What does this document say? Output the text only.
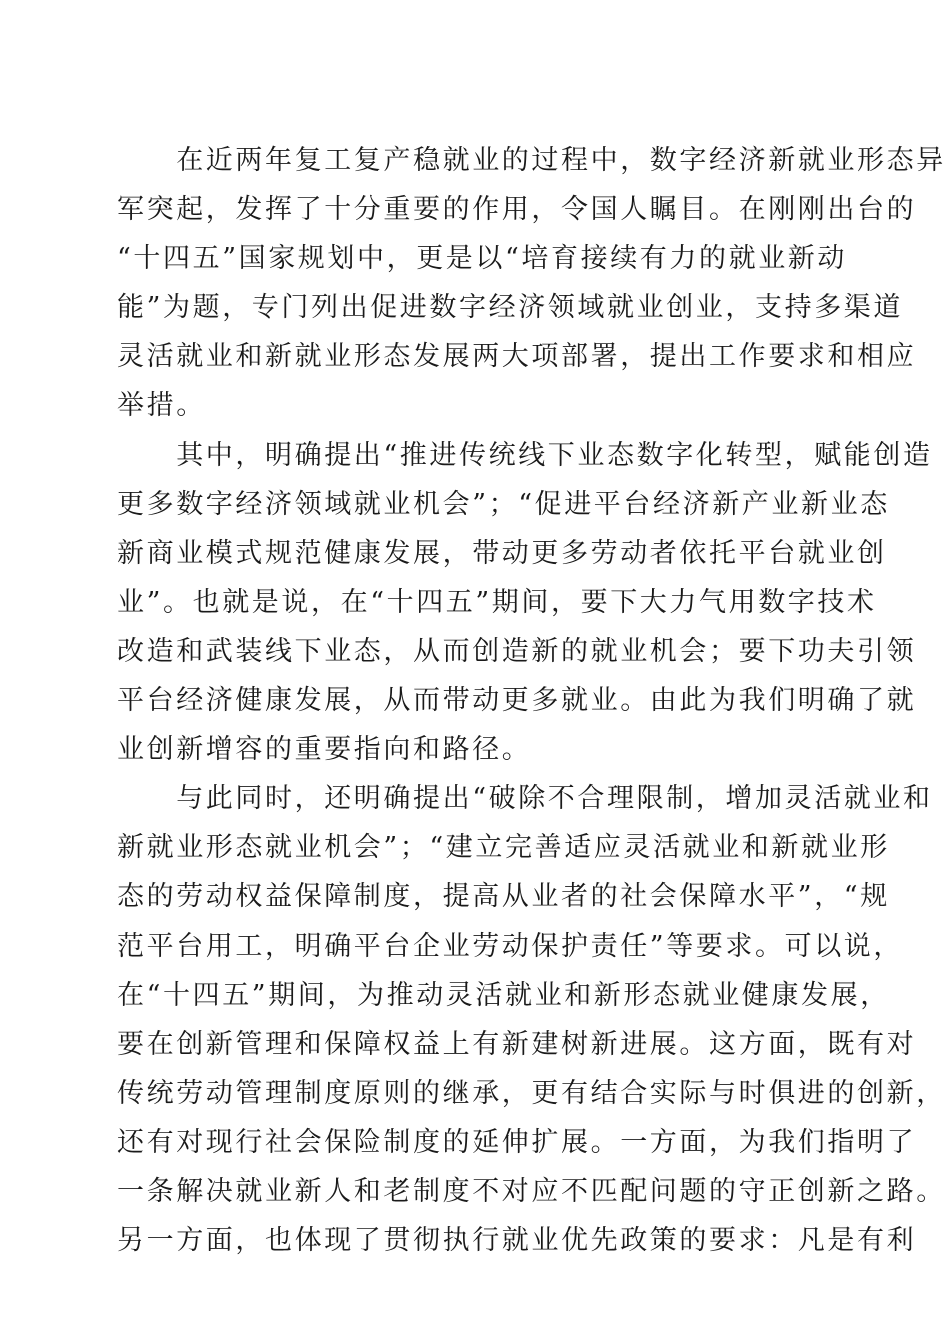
　　在近两年复工复产稳就业的过程中，数字经济新就业形态异
军突起，发挥了十分重要的作用，令国人瞩目。在刚刚出台的
“十四五”国家规划中，更是以“培育接续有力的就业新动
能”为题，专门列出促进数字经济领域就业创业，支持多渠道
灵活就业和新就业形态发展两大项部署，提出工作要求和相应
举措。
　　其中，明确提出“推进传统线下业态数字化转型，赋能创造
更多数字经济领域就业机会”；“促进平台经济新产业新业态
新商业模式规范健康发展，带动更多劳动者依托平台就业创
业”。也就是说，在“十四五”期间，要下大力气用数字技术
改造和武装线下业态，从而创造新的就业机会；要下功夫引领
平台经济健康发展，从而带动更多就业。由此为我们明确了就
业创新增容的重要指向和路径。
　　与此同时，还明确提出“破除不合理限制，增加灵活就业和
新就业形态就业机会”；“建立完善适应灵活就业和新就业形
态的劳动权益保障制度，提高从业者的社会保障水平”，“规
范平台用工，明确平台企业劳动保护责任”等要求。可以说，
在“十四五”期间，为推动灵活就业和新形态就业健康发展，
要在创新管理和保障权益上有新建树新进展。这方面，既有对
传统劳动管理制度原则的继承，更有结合实际与时俱进的创新，
还有对现行社会保险制度的延伸扩展。一方面，为我们指明了
一条解决就业新人和老制度不对应不匹配问题的守正创新之路。
另一方面，也体现了贯彻执行就业优先政策的要求：凡是有利
